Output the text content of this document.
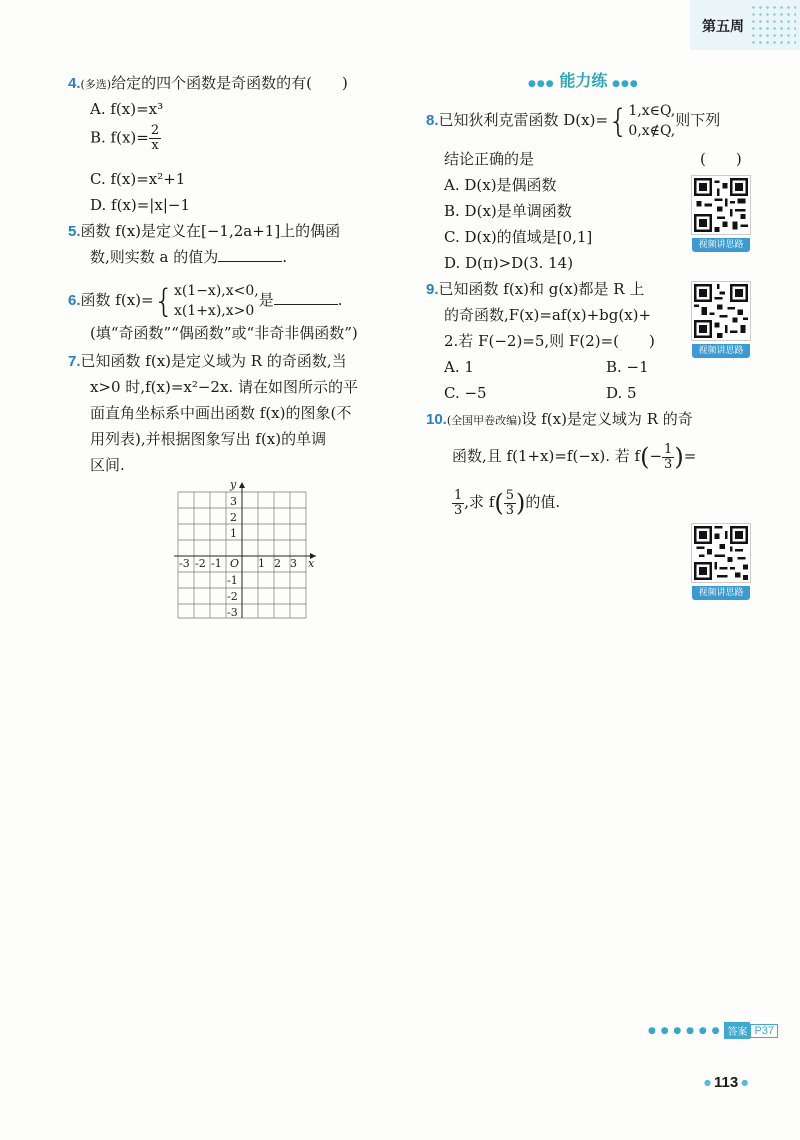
第五周
4.(多选)给定的四个函数是奇函数的有(　　)
A. f(x)=x³
B. $f(x)= \frac{2}{x}$
C. f(x)=x²+1
D. f(x)=|x|−1
5.函数 f(x)是定义在[−1,2a+1]上的偶函
数,则实数 a 的值为	.
6.函数 f(x)={ x(1−x),x<0,
x(1+x),x>0
是	.
(填“奇函数”“偶函数”或“非奇非偶函数”)
7.已知函数 f(x)是定义域为 R 的奇函数,当
x>0 时,f(x)=x²−2x. 请在如图所示的平
面直角坐标系中画出函数 f(x)的图象(不
用列表),并根据图象写出 f(x)的单调
区间.
x
y
O
-3 -2 -1	1 2 3
3
2
1
-1
-2
-3
●●● 能力练 ●●●
8.已知狄利克雷函数 D(x)={ 1,x∈Q,
0,x∉Q,
则下列
结论正确的是	(　　)
A. D(x)是偶函数
B. D(x)是单调函数
C. D(x)的值域是[0,1]
D. D(π)>D(3. 14)
视频讲思路
9.已知函数 f(x)和 g(x)都是 R 上
的奇函数,F(x)=af(x)+bg(x)+
2.若 F(−2)=5,则 F(2)=(　　)
A. 1	B. −1
C. −5	D. 5
视频讲思路
10.(全国甲卷改编)设 f(x)是定义域为 R 的奇
函数,且 f(1+x)=f(−x). 若 $f(- \frac{1}{3}$ )=
$\frac{1}{3}$ ,求 $f( \frac{5}{3}$ )的值.
视频讲思路
● ● ● ● ● ● 答案 P37
● 113 ●
